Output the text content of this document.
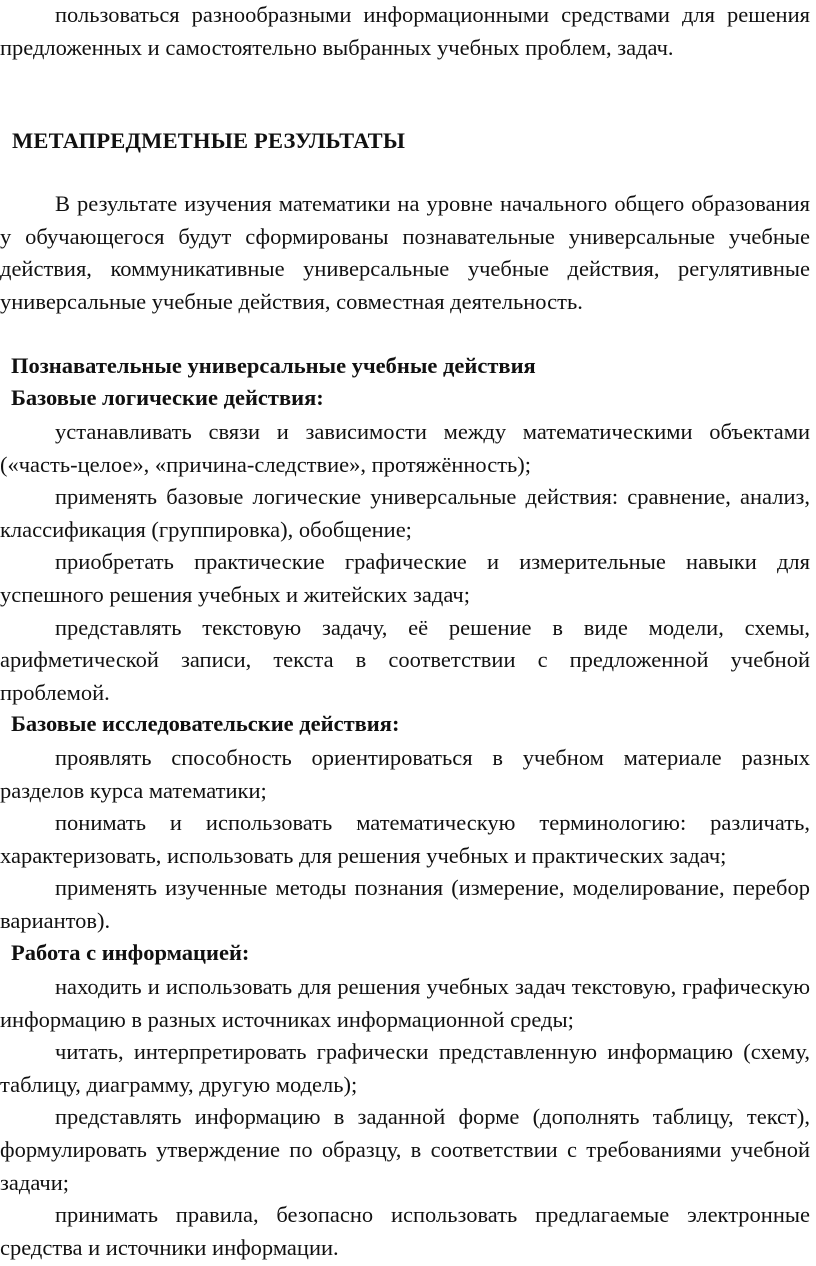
пользоваться разнообразными информационными средствами для решения предложенных и самостоятельно выбранных учебных проблем, задач.

МЕТАПРЕДМЕТНЫЕ РЕЗУЛЬТАТЫ

В результате изучения математики на уровне начального общего образования у обучающегося будут сформированы познавательные универсальные учебные действия, коммуникативные универсальные учебные действия, регулятивные универсальные учебные действия, совместная деятельность.

Познавательные универсальные учебные действия
Базовые логические действия:

устанавливать связи и зависимости между математическими объектами («часть-целое», «причина-следствие», протяжённость);

применять базовые логические универсальные действия: сравнение, анализ, классификация (группировка), обобщение;

приобретать практические графические и измерительные навыки для успешного решения учебных и житейских задач;

представлять текстовую задачу, её решение в виде модели, схемы, арифметической записи, текста в соответствии с предложенной учебной проблемой.

Базовые исследовательские действия:

проявлять способность ориентироваться в учебном материале разных разделов курса математики;

понимать и использовать математическую терминологию: различать, характеризовать, использовать для решения учебных и практических задач;

применять изученные методы познания (измерение, моделирование, перебор вариантов).

Работа с информацией:

находить и использовать для решения учебных задач текстовую, графическую информацию в разных источниках информационной среды;

читать, интерпретировать графически представленную информацию (схему, таблицу, диаграмму, другую модель);

представлять информацию в заданной форме (дополнять таблицу, текст), формулировать утверждение по образцу, в соответствии с требованиями учебной задачи;

принимать правила, безопасно использовать предлагаемые электронные средства и источники информации.
